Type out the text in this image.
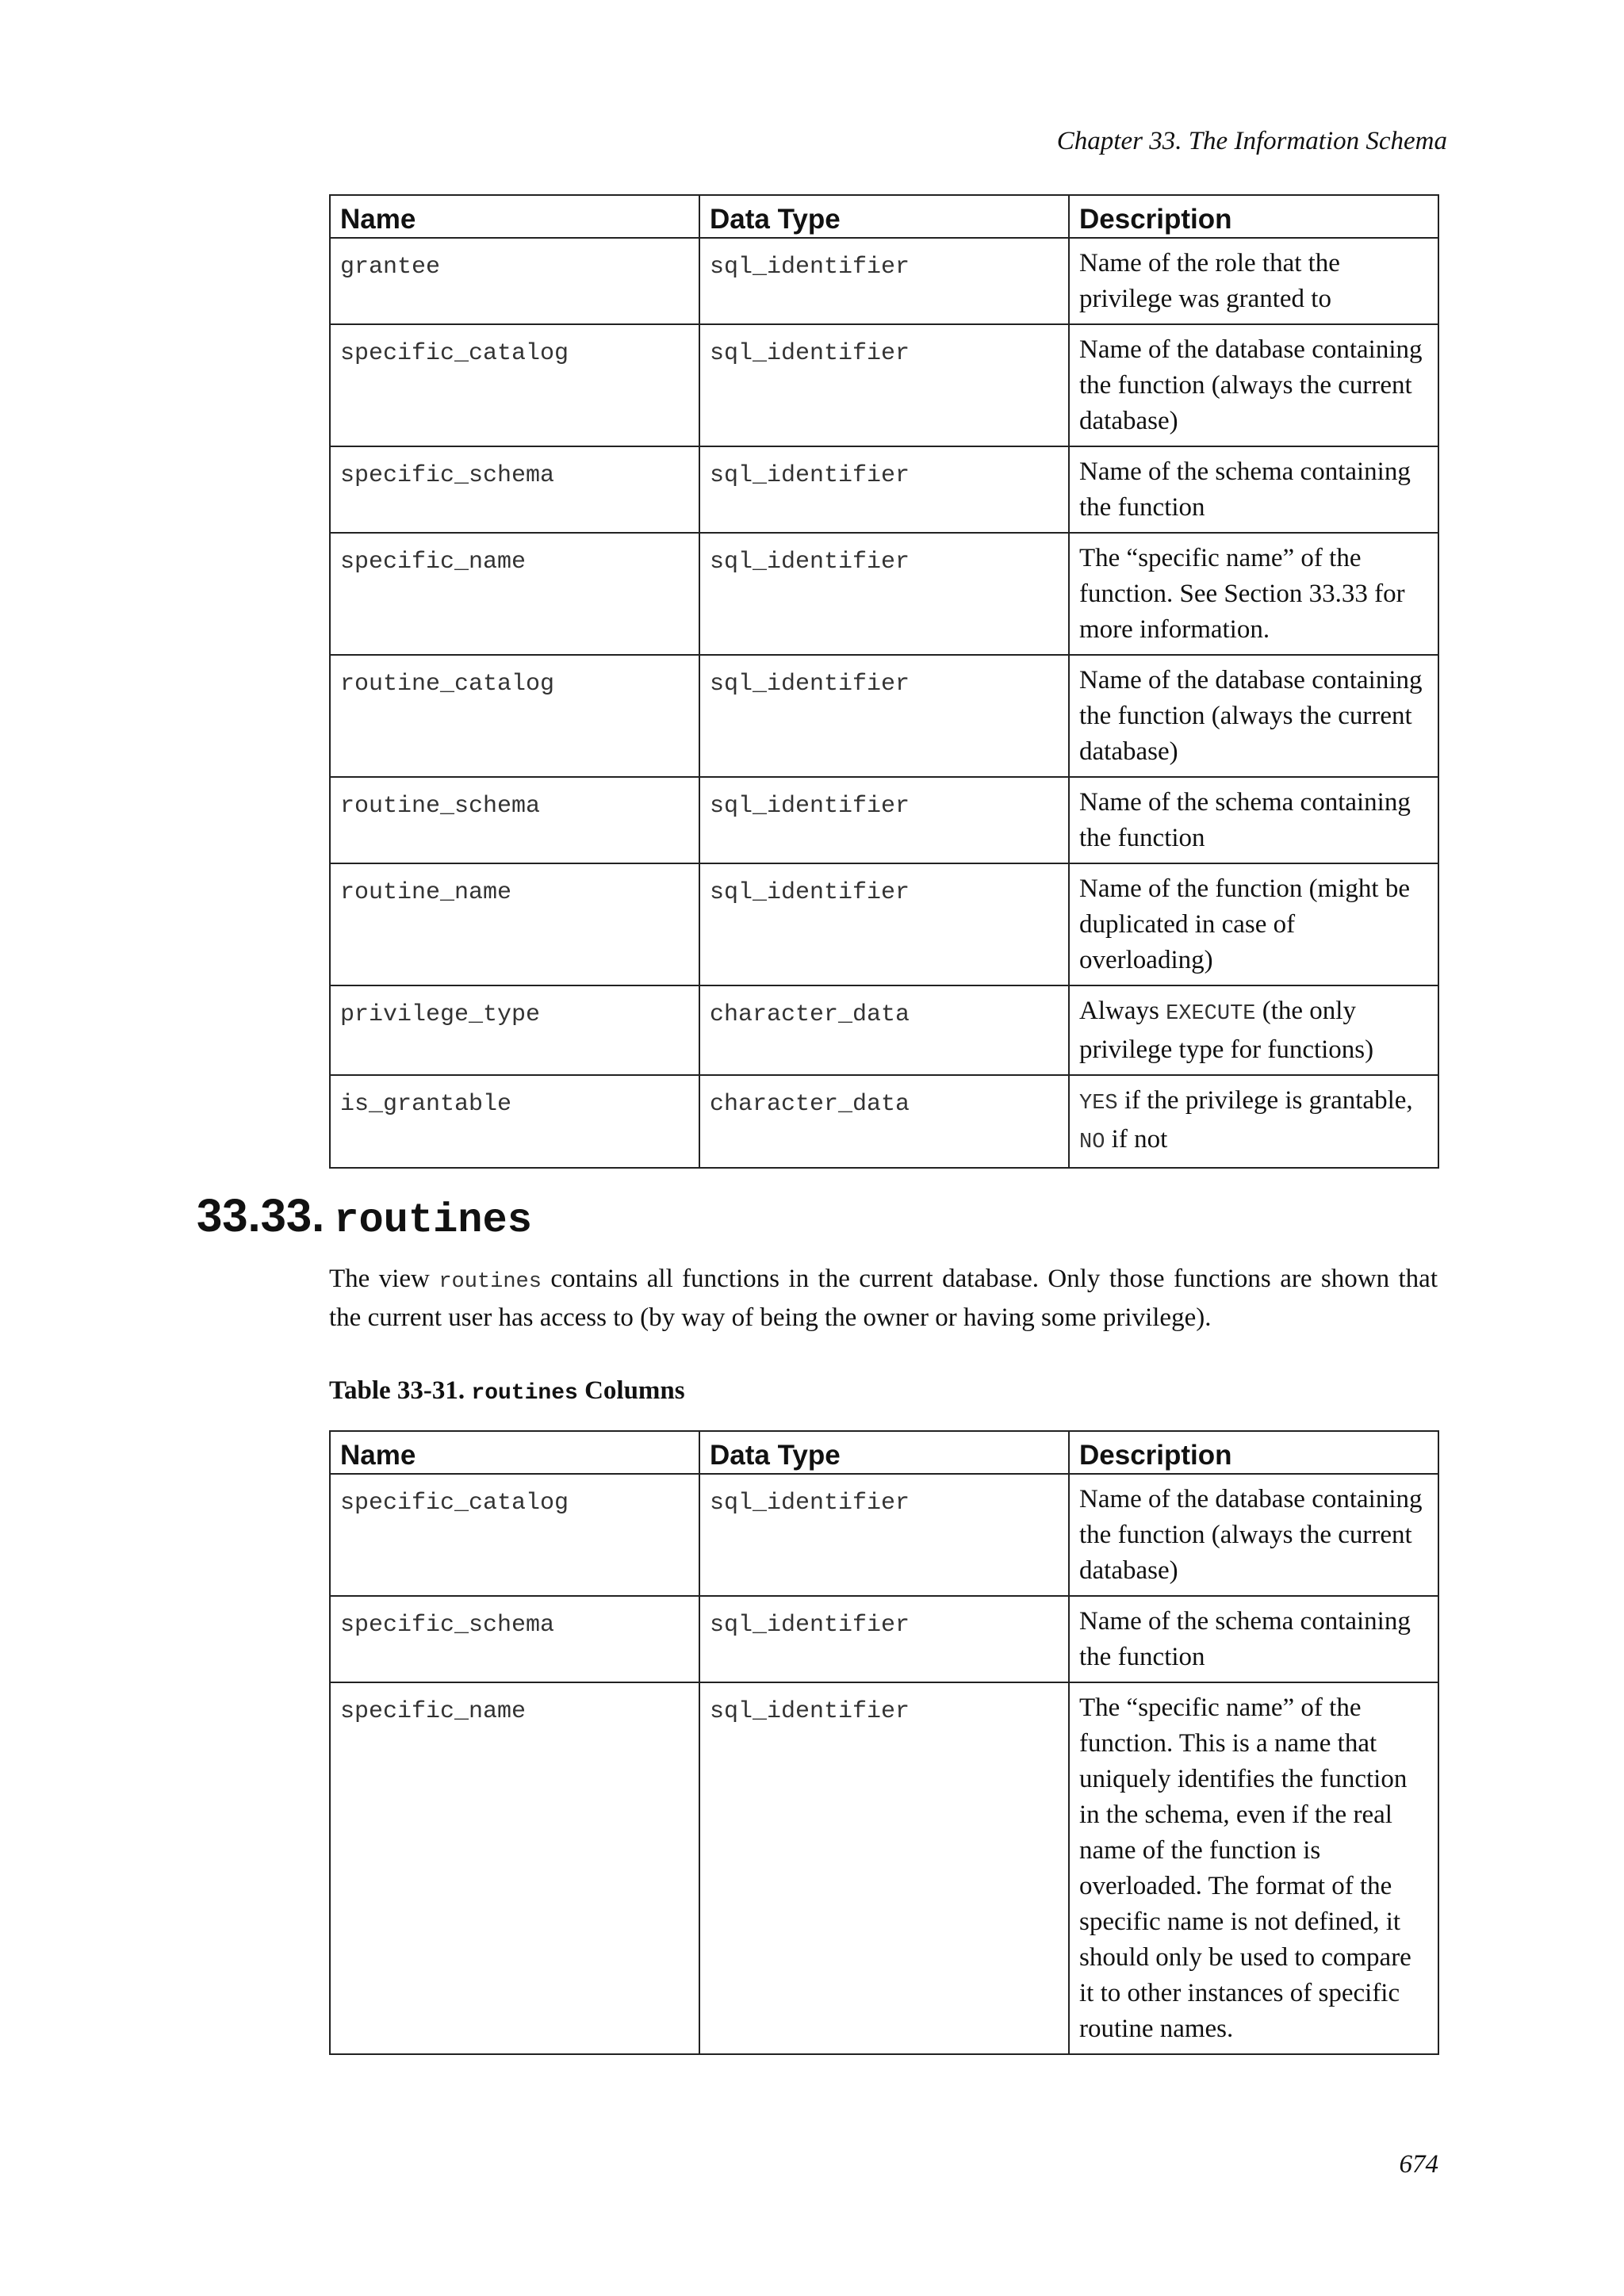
Chapter 33. The Information Schema
Name	Data Type	Description
grantee	sql_identifier	Name of the role that the privilege was granted to
specific_catalog	sql_identifier	Name of the database containing the function (always the current database)
specific_schema	sql_identifier	Name of the schema containing the function
specific_name	sql_identifier	The “specific name” of the function. See Section 33.33 for more information.
routine_catalog	sql_identifier	Name of the database containing the function (always the current database)
routine_schema	sql_identifier	Name of the schema containing the function
routine_name	sql_identifier	Name of the function (might be duplicated in case of overloading)
privilege_type	character_data	Always EXECUTE (the only privilege type for functions)
is_grantable	character_data	YES if the privilege is grantable, NO if not
33.33. routines

The view routines contains all functions in the current database. Only those functions are shown that the current user has access to (by way of being the owner or having some privilege).

Table 33-31. routines Columns

Name	Data Type	Description
specific_catalog	sql_identifier	Name of the database containing the function (always the current database)
specific_schema	sql_identifier	Name of the schema containing the function
specific_name	sql_identifier	The “specific name” of the function. This is a name that uniquely identifies the function in the schema, even if the real name of the function is overloaded. The format of the specific name is not defined, it should only be used to compare it to other instances of specific routine names.
674
